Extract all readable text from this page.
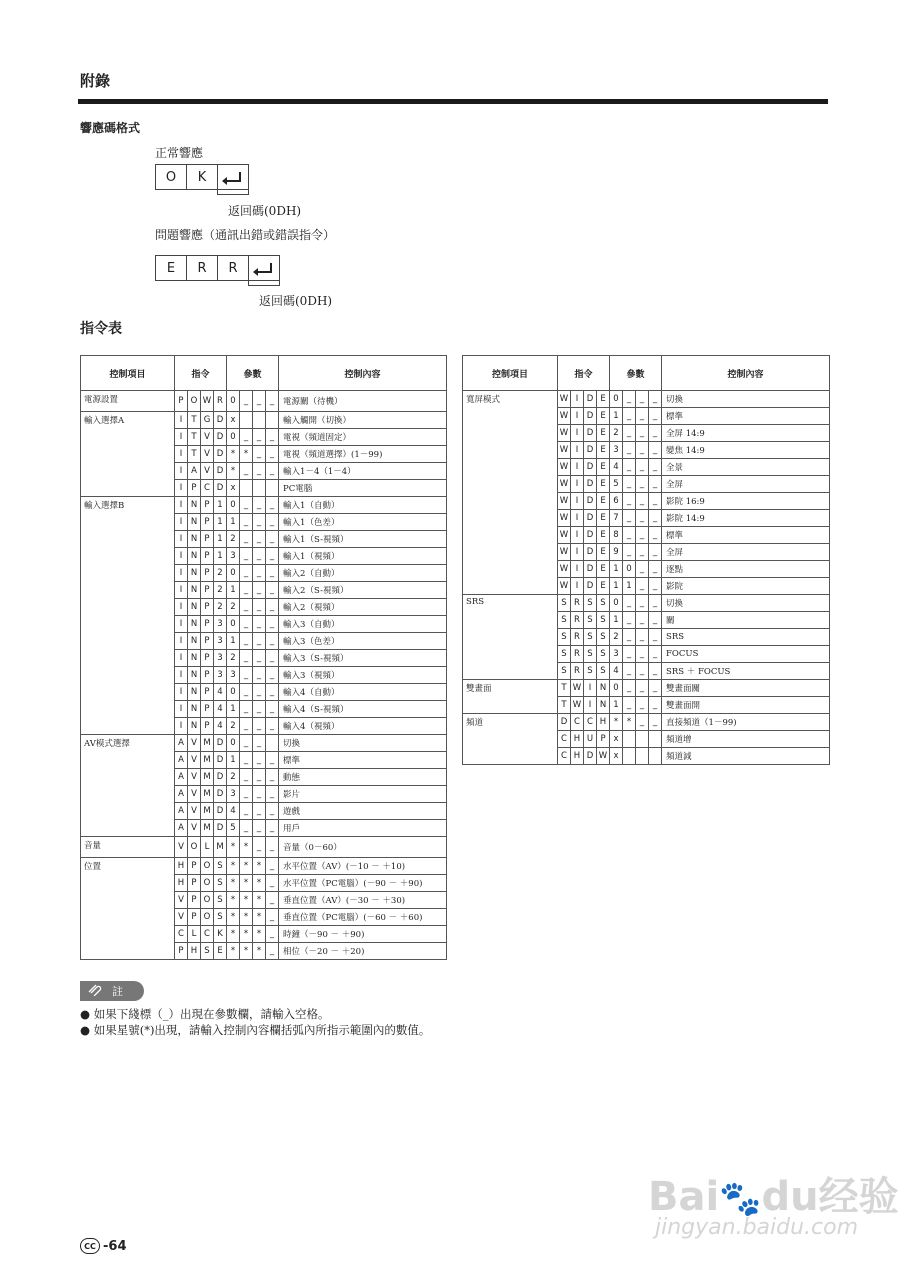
附錄
響應碼格式
正常響應
O	K
返回碼(0DH)
問題響應（通訊出錯或錯誤指令）
E	R	R
返回碼(0DH)
指令表
控制項目	指令				參數				控制內容
電源設置	P	O	W	R	0	_	_	_	電源關（待機）
輸入選擇A	I	T	G	D	x				輸入觸開（切換）
	I	T	V	D	0	_	_	_	電視（頻道固定）
	I	T	V	D	*	*	_	_	電視（頻道選擇）(1－99)
	I	A	V	D	*	_	_	_	輸入1－4（1－4）
	I	P	C	D	x				PC電腦
輸入選擇B	I	N	P	1	0	_	_	_	輸入1（自動）
	I	N	P	1	1	_	_	_	輸入1（色差）
	I	N	P	1	2	_	_	_	輸入1（S-視頻）
	I	N	P	1	3	_	_	_	輸入1（視頻）
	I	N	P	2	0	_	_	_	輸入2（自動）
	I	N	P	2	1	_	_	_	輸入2（S-視頻）
	I	N	P	2	2	_	_	_	輸入2（視頻）
	I	N	P	3	0	_	_	_	輸入3（自動）
	I	N	P	3	1	_	_	_	輸入3（色差）
	I	N	P	3	2	_	_	_	輸入3（S-視頻）
	I	N	P	3	3	_	_	_	輸入3（視頻）
	I	N	P	4	0	_	_	_	輸入4（自動）
	I	N	P	4	1	_	_	_	輸入4（S-視頻）
	I	N	P	4	2	_	_	_	輸入4（視頻）
AV模式選擇	A	V	M	D	0	_	_		切換
	A	V	M	D	1	_	_	_	標準
	A	V	M	D	2	_	_	_	動態
	A	V	M	D	3	_	_	_	影片
	A	V	M	D	4	_	_	_	遊戲
	A	V	M	D	5	_	_	_	用戶
音量	V	O	L	M	*	*	_	_	音量（0－60）
位置	H	P	O	S	*	*	*	_	水平位置（AV）(－10 － ＋10)
	H	P	O	S	*	*	*	_	水平位置（PC電腦）(－90 － ＋90)
	V	P	O	S	*	*	*	_	垂直位置（AV）(－30 － ＋30)
	V	P	O	S	*	*	*	_	垂直位置（PC電腦）(－60 － ＋60)
	C	L	C	K	*	*	*	_	時鐘（－90 － ＋90)
	P	H	S	E	*	*	*	_	相位（－20 － ＋20)
控制項目	指令				參數				控制內容
寬屏模式	W	I	D	E	0	_	_	_	切換
	W	I	D	E	1	_	_	_	標準
	W	I	D	E	2	_	_	_	全屏 14:9
	W	I	D	E	3	_	_	_	變焦 14:9
	W	I	D	E	4	_	_	_	全景
	W	I	D	E	5	_	_	_	全屏
	W	I	D	E	6	_	_	_	影院 16:9
	W	I	D	E	7	_	_	_	影院 14:9
	W	I	D	E	8	_	_	_	標準
	W	I	D	E	9	_	_	_	全屏
	W	I	D	E	1	0	_	_	逐點
	W	I	D	E	1	1	_	_	影院
SRS	S	R	S	S	0	_	_	_	切換
	S	R	S	S	1	_	_	_	關
	S	R	S	S	2	_	_	_	SRS
	S	R	S	S	3	_	_	_	FOCUS
	S	R	S	S	4	_	_	_	SRS ＋ FOCUS
雙畫面	T	W	I	N	0	_	_	_	雙畫面關
	T	W	I	N	1	_	_	_	雙畫面開
頻道	D	C	C	H	*	*	_	_	直接頻道（1－99)
	C	H	U	P	x				頻道增
	C	H	D	W	x				頻道減
註
● 如果下綫標（_）出現在參數欄，請輸入空格。
● 如果星號(*)出現，請輸入控制內容欄括弧內所指示範圍內的數值。
Bai🐾du经验
jingyan.baidu.com
CC -64
